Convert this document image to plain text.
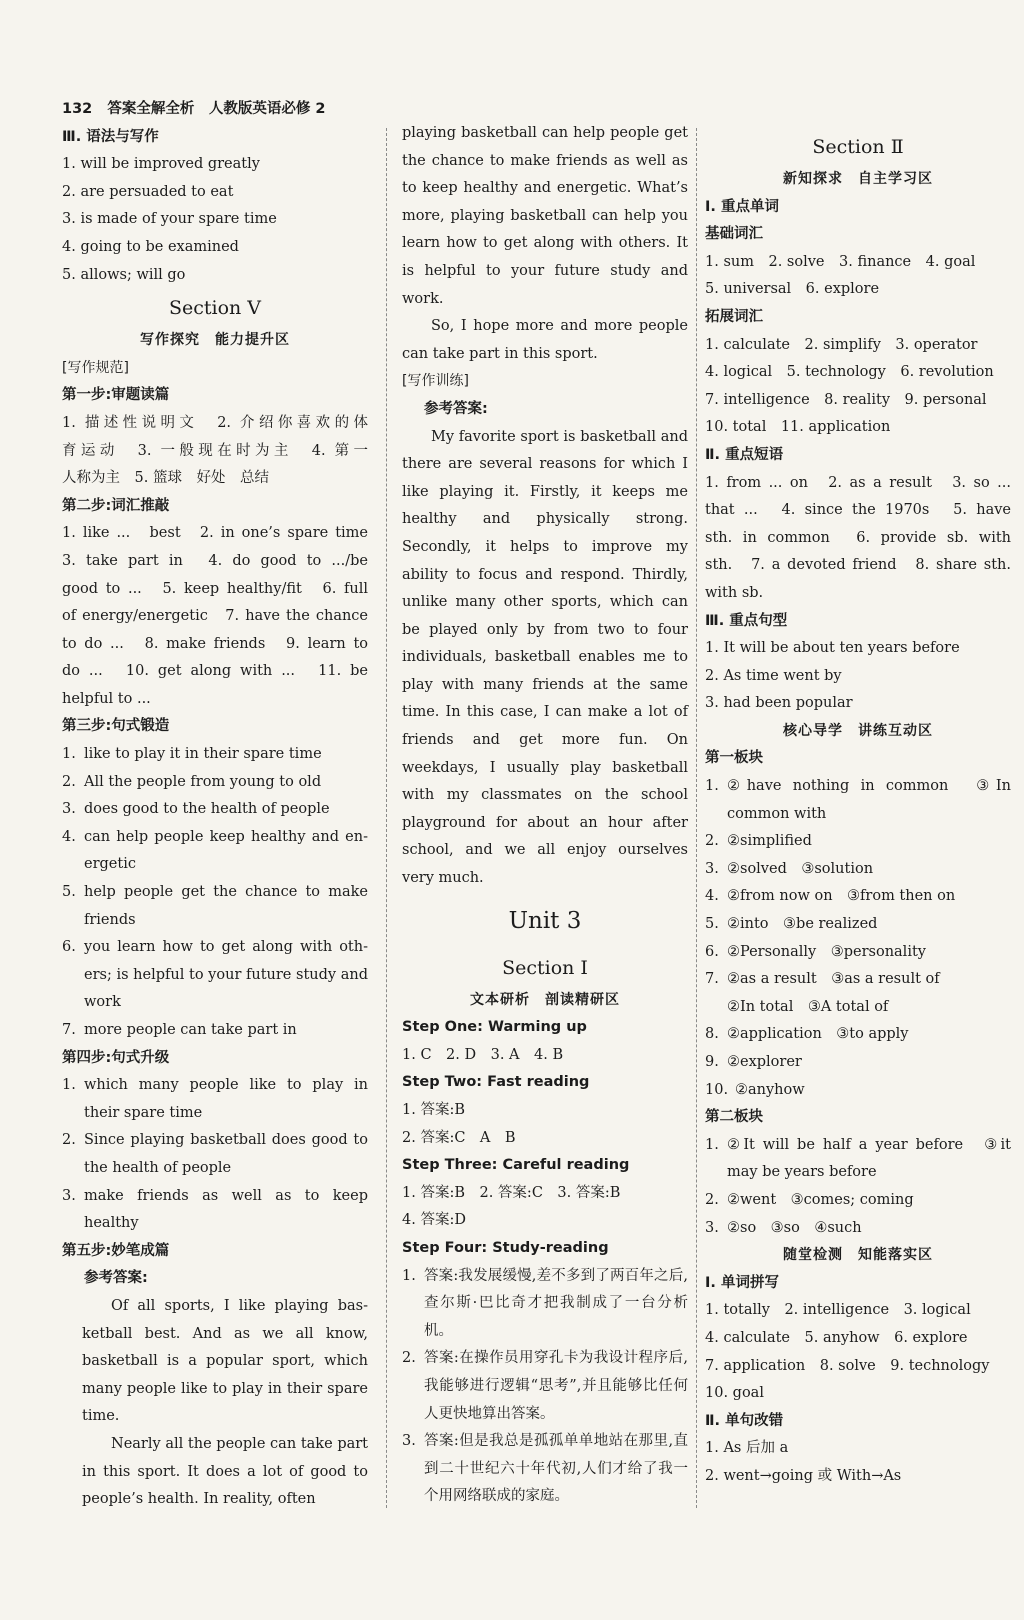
132 答案全解全析　人教版英语必修 2
Ⅲ. 语法与写作
1. will be improved greatly
2. are persuaded to eat
3. is made of your spare time
4. going to be examined
5. allows; will go
Section Ⅴ
写作探究　能力提升区
[写作规范]
第一步:审题读篇
1. 描述性说明文　2. 介绍你喜欢的体
育运动　3. 一般现在时为主　4. 第一
人称为主　5. 篮球　好处　总结
第二步:词汇推敲
1. like ...　best　2. in one’s spare time
3. take part in　4. do good to .../be
good to ...　5. keep healthy/fit　6. full
of energy/energetic　7. have the chance
to do ...　8. make friends　9. learn to
do ...　10. get along with ...　11. be
helpful to ...
第三步:句式锻造
1. like to play it in their spare time
2. All the people from young to old
3. does good to the health of people
4. can help people keep healthy and en-ergetic
5. help people get the chance to make friends
6. you learn how to get along with oth-ers; is helpful to your future study and work
7. more people can take part in
第四步:句式升级
1. which many people like to play in their spare time
2. Since playing basketball does good to the health of people
3. make friends as well as to keep healthy
第五步:妙笔成篇
参考答案:

Of all sports, I like playing bas-ketball best. And as we all know, basketball is a popular sport, which many people like to play in their spare time.

Nearly all the people can take part in this sport. It does a lot of good to people’s health. In reality, often

playing basketball can help people get the chance to make friends as well as to keep healthy and energetic. What’s more, playing basketball can help you learn how to get along with others. It is helpful to your future study and work.

So, I hope more and more people can take part in this sport.

[写作训练]
参考答案:

My favorite sport is basketball and there are several reasons for which I like playing it. Firstly, it keeps me healthy and physically strong. Secondly, it helps to improve my ability to focus and respond. Thirdly, unlike many other sports, which can be played only by from two to four individuals, basketball enables me to play with many friends at the same time. In this case, I can make a lot of friends and get more fun. On weekdays, I usually play basketball with my classmates on the school playground for about an hour after school, and we all enjoy ourselves very much.

Unit 3
Section Ⅰ
文本研析　剖读精研区
Step One: Warming up
1. C　2. D　3. A　4. B
Step Two: Fast reading
1. 答案:B
2. 答案:C　A　B
Step Three: Careful reading
1. 答案:B　2. 答案:C　3. 答案:B
4. 答案:D
Step Four: Study-reading
1. 答案:我发展缓慢,差不多到了两百年之后,查尔斯·巴比奇才把我制成了一台分析机。
2. 答案:在操作员用穿孔卡为我设计程序后,我能够进行逻辑“思考”,并且能够比任何人更快地算出答案。
3. 答案:但是我总是孤孤单单地站在那里,直到二十世纪六十年代初,人们才给了我一个用网络联成的家庭。
Section Ⅱ
新知探求　自主学习区
Ⅰ. 重点单词
基础词汇
1. sum　2. solve　3. finance　4. goal
5. universal　6. explore
拓展词汇
1. calculate　2. simplify　3. operator
4. logical　5. technology　6. revolution
7. intelligence　8. reality　9. personal
10. total　11. application
Ⅱ. 重点短语
1. from ... on　2. as a result　3. so ...
that ...　4. since the 1970s　5. have
sth. in common　6. provide sb. with
sth.　7. a devoted friend　8. share sth.
with sb.
Ⅲ. 重点句型
1. It will be about ten years before
2. As time went by
3. had been popular
核心导学　讲练互动区
第一板块
1. ②have nothing in common　③In common with
2. ②simplified
3. ②solved　③solution
4. ②from now on　③from then on
5. ②into　③be realized
6. ②Personally　③personality
7. ②as a result　③as a result of
②In total　③A total of
8. ②application　③to apply
9. ②explorer
10. ②anyhow
第二板块
1. ②It will be half a year before　③it may be years before
2. ②went　③comes; coming
3. ②so　③so　④such
随堂检测　知能落实区
Ⅰ. 单词拼写
1. totally　2. intelligence　3. logical
4. calculate　5. anyhow　6. explore
7. application　8. solve　9. technology
10. goal
Ⅱ. 单句改错
1. As 后加 a
2. went→going 或 With→As
